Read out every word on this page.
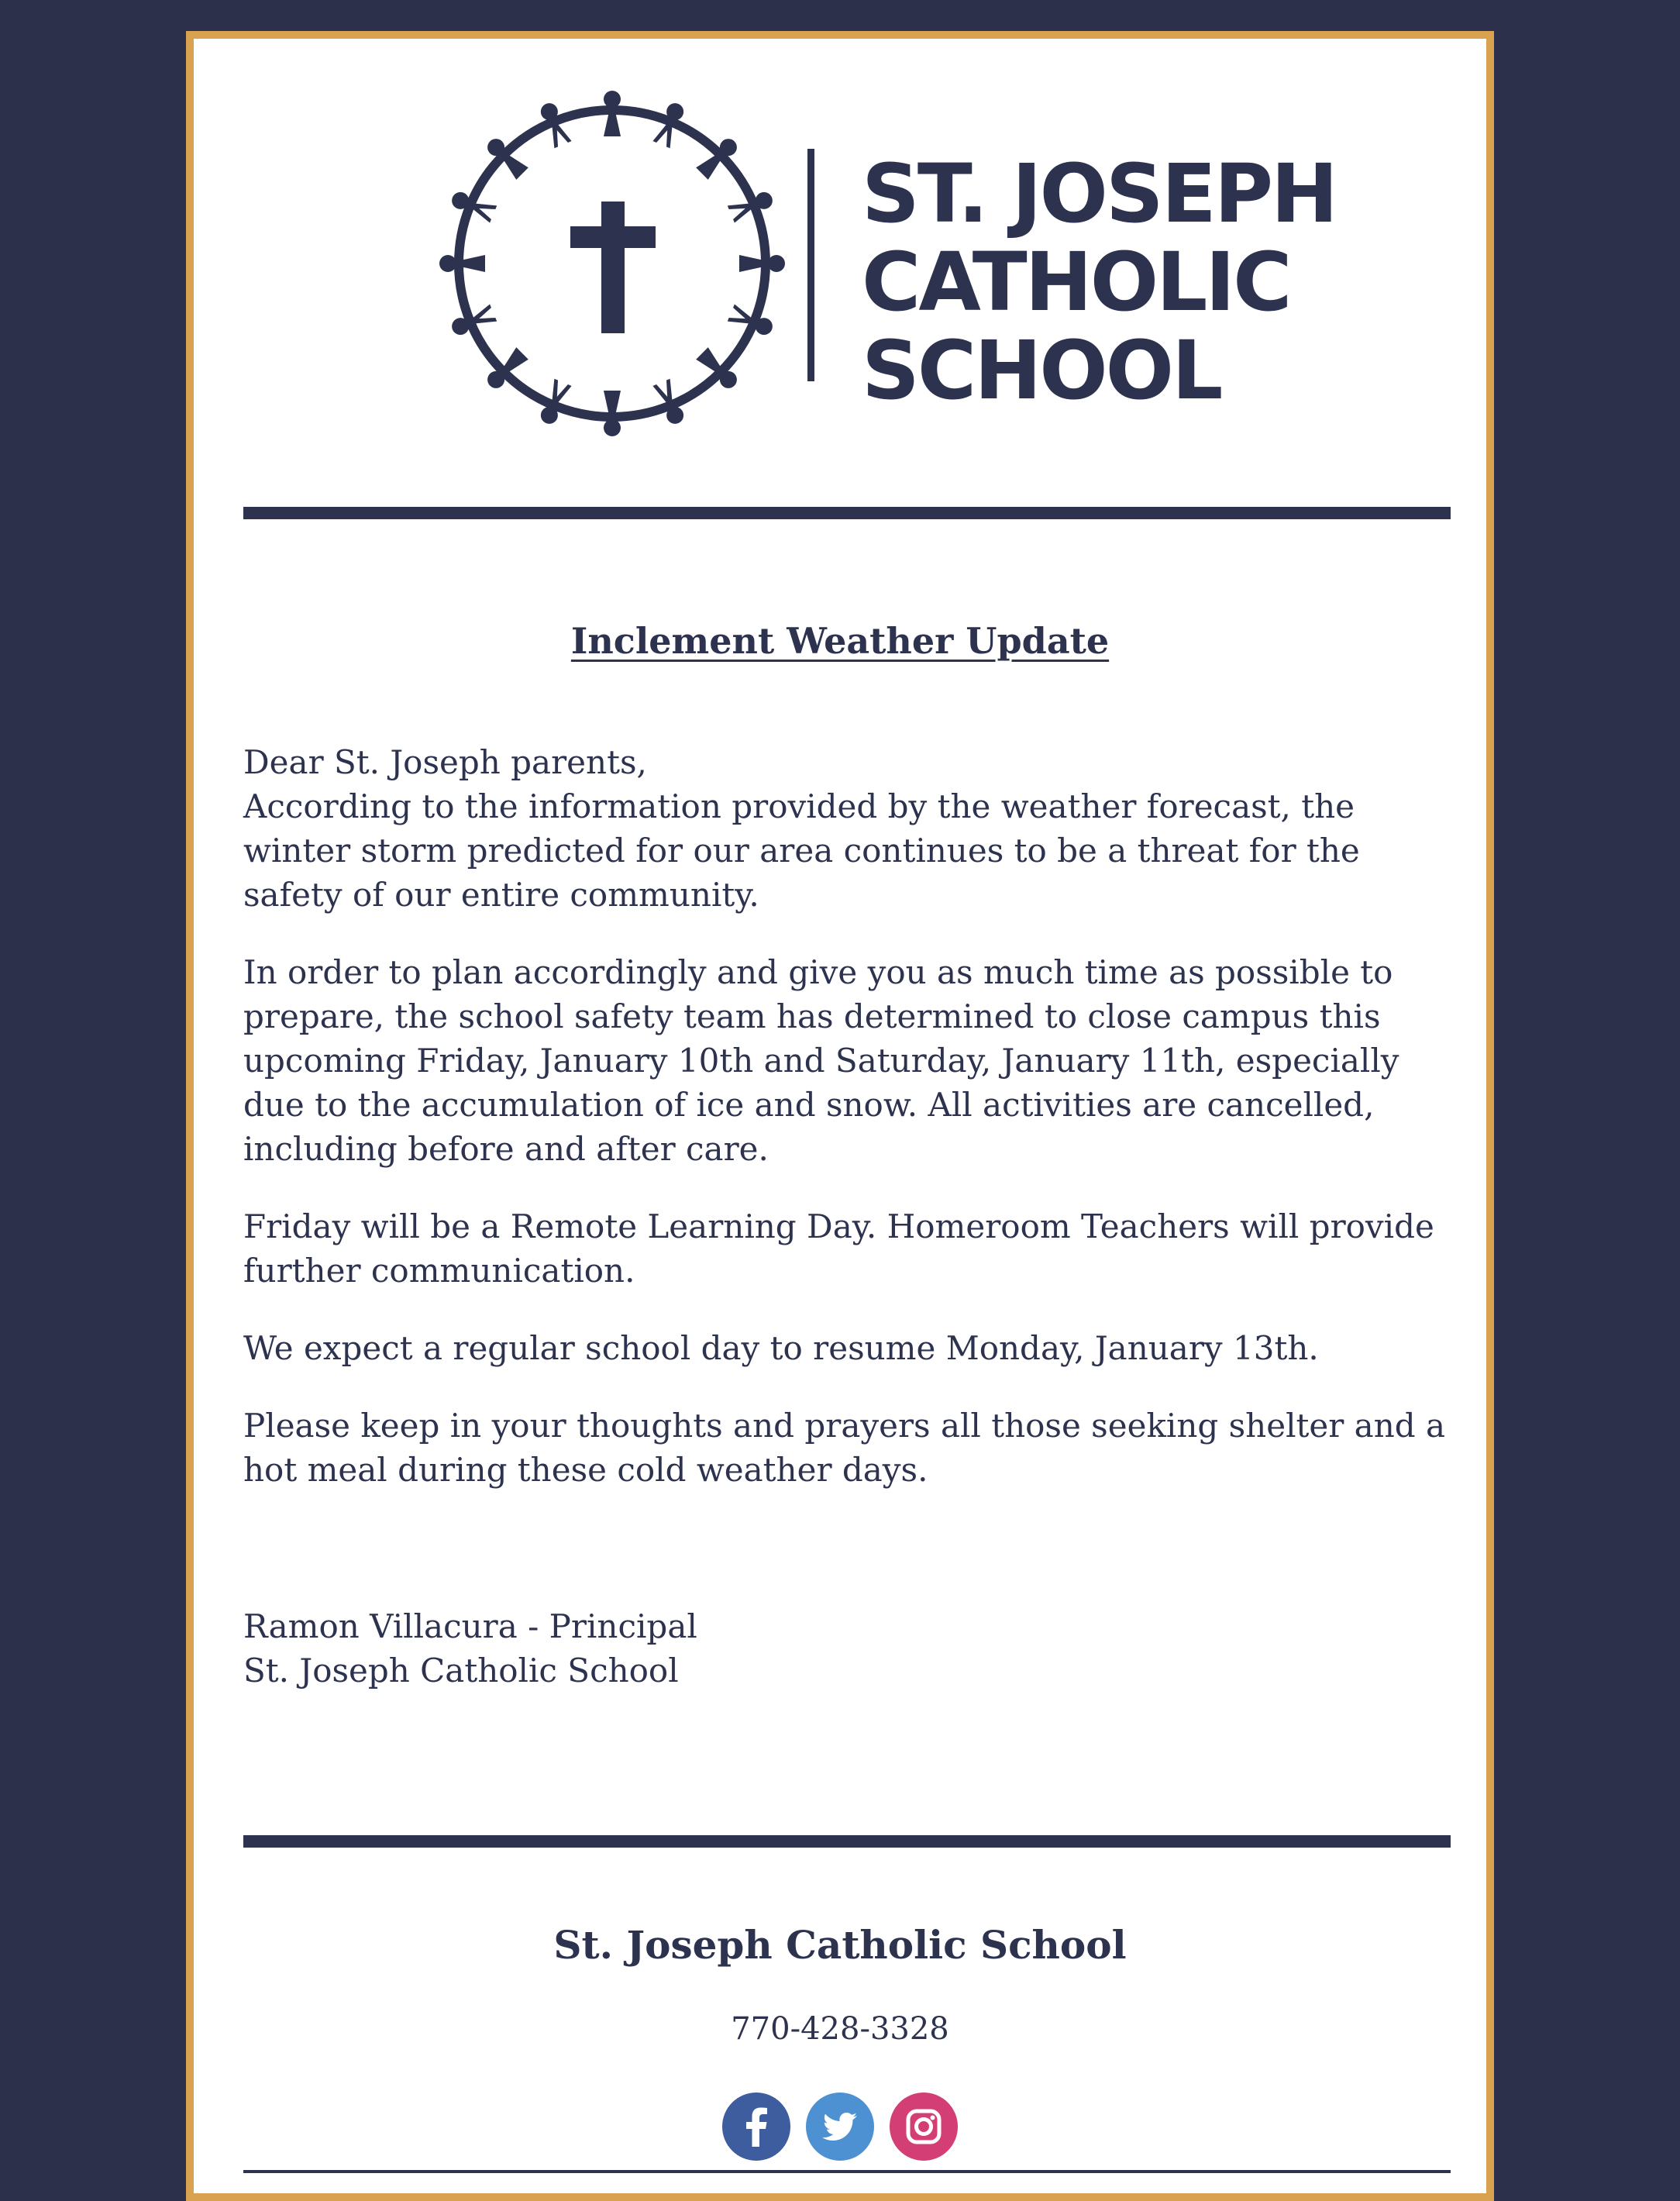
ST. JOSEPH
CATHOLIC
SCHOOL
Inclement Weather Update

Dear St. Joseph parents,

According to the information provided by the weather forecast, the winter storm predicted for our area continues to be a threat for the safety of our entire community.

In order to plan accordingly and give you as much time as possible to prepare, the school safety team has determined to close campus this upcoming Friday, January 10th and Saturday, January 11th, especially due to the accumulation of ice and snow. All activities are cancelled, including before and after care.

Friday will be a Remote Learning Day. Homeroom Teachers will provide further communication.

We expect a regular school day to resume Monday, January 13th.

Please keep in your thoughts and prayers all those seeking shelter and a hot meal during these cold weather days.

Ramon Villacura - Principal
St. Joseph Catholic School
St. Joseph Catholic School
770-428-3328
